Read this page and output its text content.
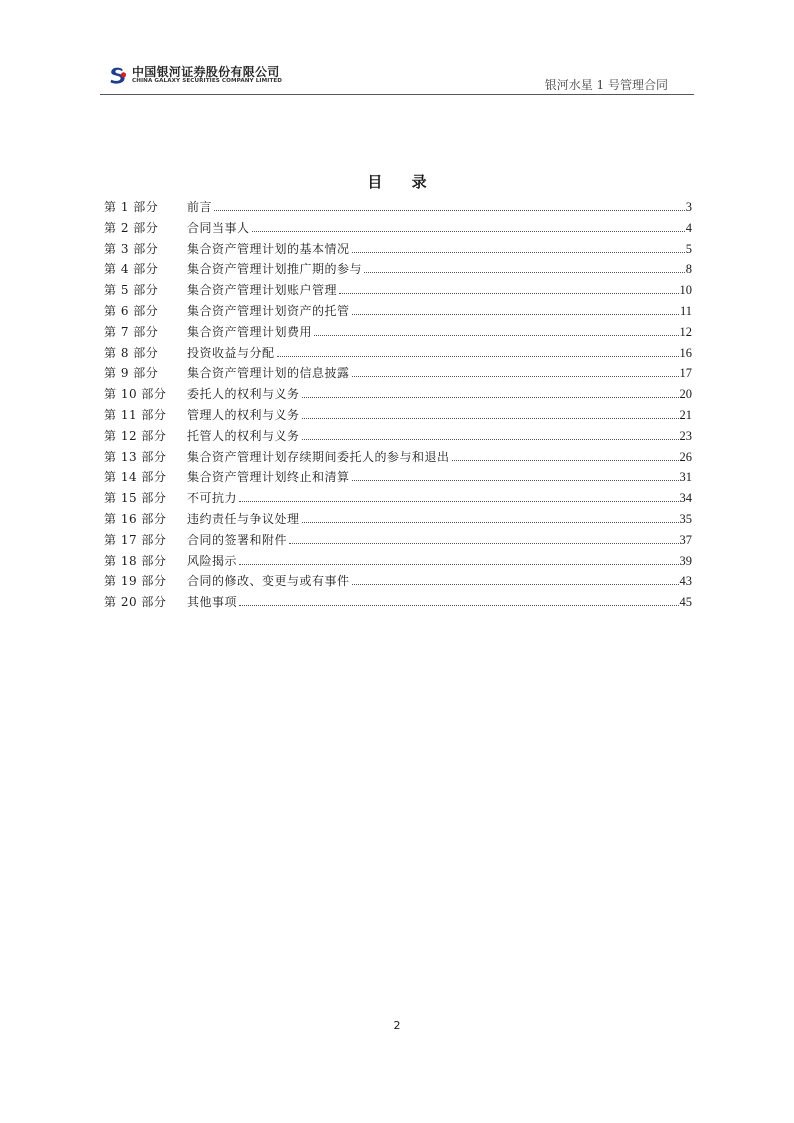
中国银河证券股份有限公司
CHINA GALAXY SECURITIES COMPANY LIMITED	银河水星 1 号管理合同
目 录
第 1 部分	前言	3
第 2 部分	合同当事人	4
第 3 部分	集合资产管理计划的基本情况	5
第 4 部分	集合资产管理计划推广期的参与	8
第 5 部分	集合资产管理计划账户管理	10
第 6 部分	集合资产管理计划资产的托管	11
第 7 部分	集合资产管理计划费用	12
第 8 部分	投资收益与分配	16
第 9 部分	集合资产管理计划的信息披露	17
第 10 部分	委托人的权利与义务	20
第 11 部分	管理人的权利与义务	21
第 12 部分	托管人的权利与义务	23
第 13 部分	集合资产管理计划存续期间委托人的参与和退出	26
第 14 部分	集合资产管理计划终止和清算	31
第 15 部分	不可抗力	34
第 16 部分	违约责任与争议处理	35
第 17 部分	合同的签署和附件	37
第 18 部分	风险揭示	39
第 19 部分	合同的修改、变更与或有事件	43
第 20 部分	其他事项	45
2
